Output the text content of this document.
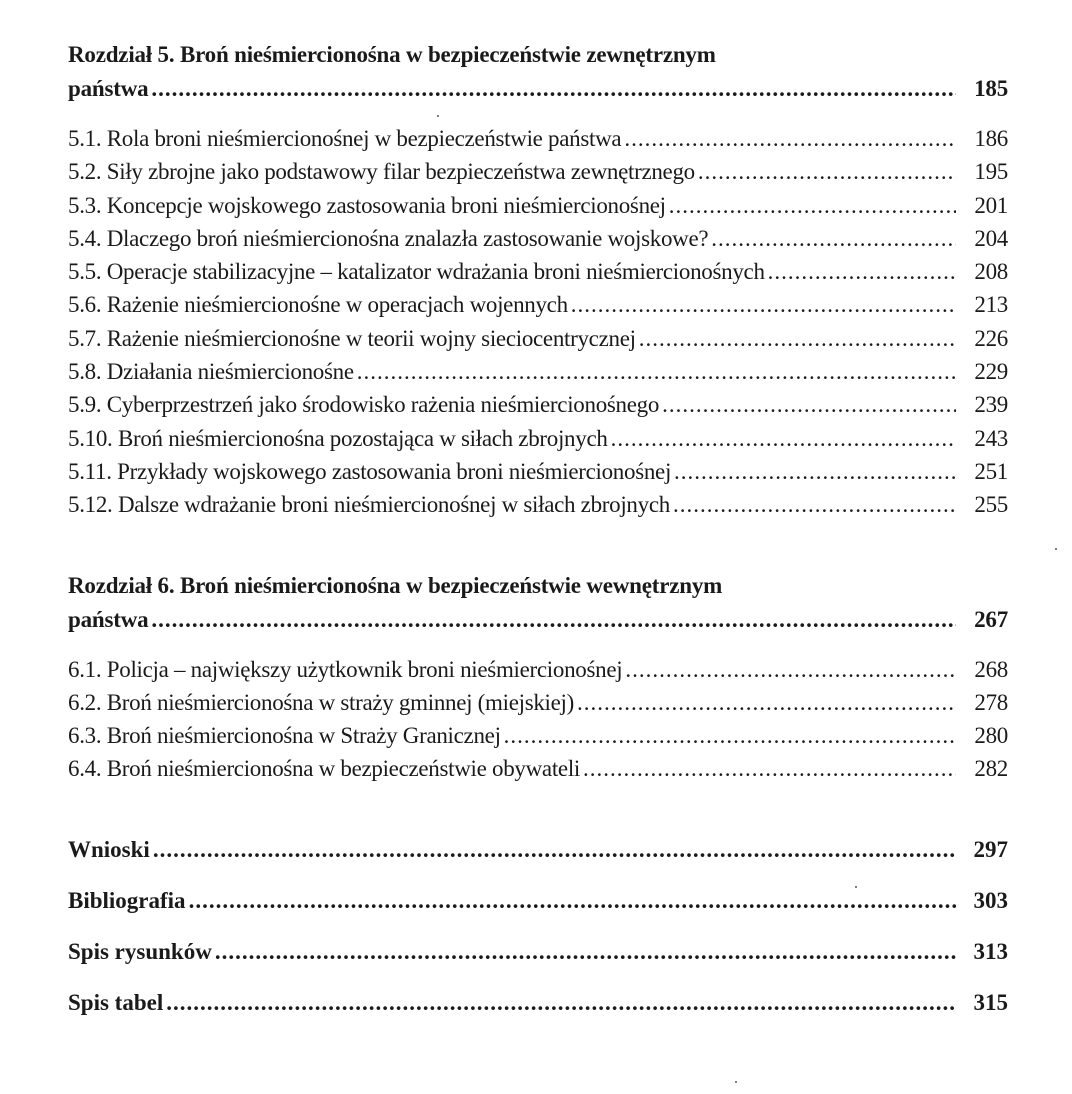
Rozdział 5. Broń nieśmiercionośna w bezpieczeństwie zewnętrznym
państwa .....	185
5.1. Rola broni nieśmiercionośnej w bezpieczeństwie państwa .....	186
5.2. Siły zbrojne jako podstawowy filar bezpieczeństwa zewnętrznego .....	195
5.3. Koncepcje wojskowego zastosowania broni nieśmiercionośnej .....	201
5.4. Dlaczego broń nieśmiercionośna znalazła zastosowanie wojskowe? .....	204
5.5. Operacje stabilizacyjne – katalizator wdrażania broni nieśmiercionośnych .....	208
5.6. Rażenie nieśmiercionośne w operacjach wojennych .....	213
5.7. Rażenie nieśmiercionośne w teorii wojny sieciocentrycznej .....	226
5.8. Działania nieśmiercionośne .....	229
5.9. Cyberprzestrzeń jako środowisko rażenia nieśmiercionośnego .....	239
5.10. Broń nieśmiercionośna pozostająca w siłach zbrojnych .....	243
5.11. Przykłady wojskowego zastosowania broni nieśmiercionośnej .....	251
5.12. Dalsze wdrażanie broni nieśmiercionośnej w siłach zbrojnych .....	255
Rozdział 6. Broń nieśmiercionośna w bezpieczeństwie wewnętrznym
państwa .....	267
6.1. Policja – największy użytkownik broni nieśmiercionośnej .....	268
6.2. Broń nieśmiercionośna w straży gminnej (miejskiej) .....	278
6.3. Broń nieśmiercionośna w Straży Granicznej .....	280
6.4. Broń nieśmiercionośna w bezpieczeństwie obywateli .....	282
Wnioski .....	297
Bibliografia .....	303
Spis rysunków .....	313
Spis tabel .....	315
